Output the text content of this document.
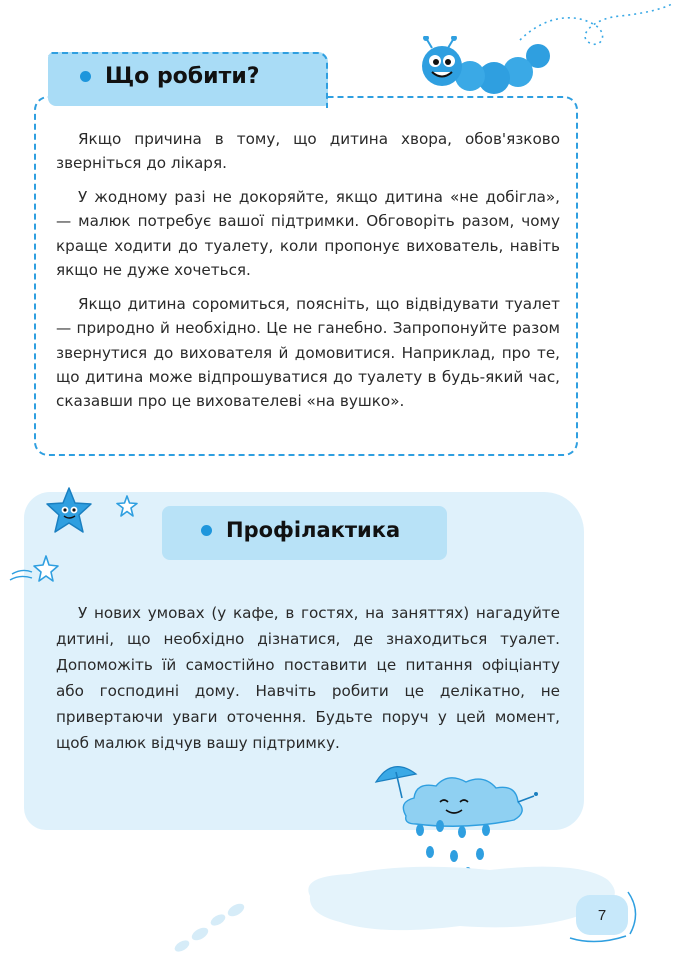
Що робити?

Якщо причина в тому, що дитина хвора, обов'язково зверніться до лікаря.

У жодному разі не докоряйте, якщо дитина «не добігла», — малюк потребує вашої підтримки. Обговоріть разом, чому краще ходити до туалету, коли пропонує вихователь, навіть якщо не дуже хочеться.

Якщо дитина соромиться, поясніть, що відвідувати туалет — природно й необхідно. Це не ганебно. Запропонуйте разом звернутися до вихователя й домовитися. Наприклад, про те, що дитина може відпрошуватися до туалету в будь-який час, сказавши про це вихователеві «на вушко».

Профілактика

У нових умовах (у кафе, в гостях, на заняттях) нагадуйте дитині, що необхідно дізнатися, де знаходиться туалет. Допоможіть їй самостійно поставити це питання офіціанту або господині дому. Навчіть робити це делікатно, не привертаючи уваги оточення. Будьте поруч у цей момент, щоб малюк відчув вашу підтримку.

7
